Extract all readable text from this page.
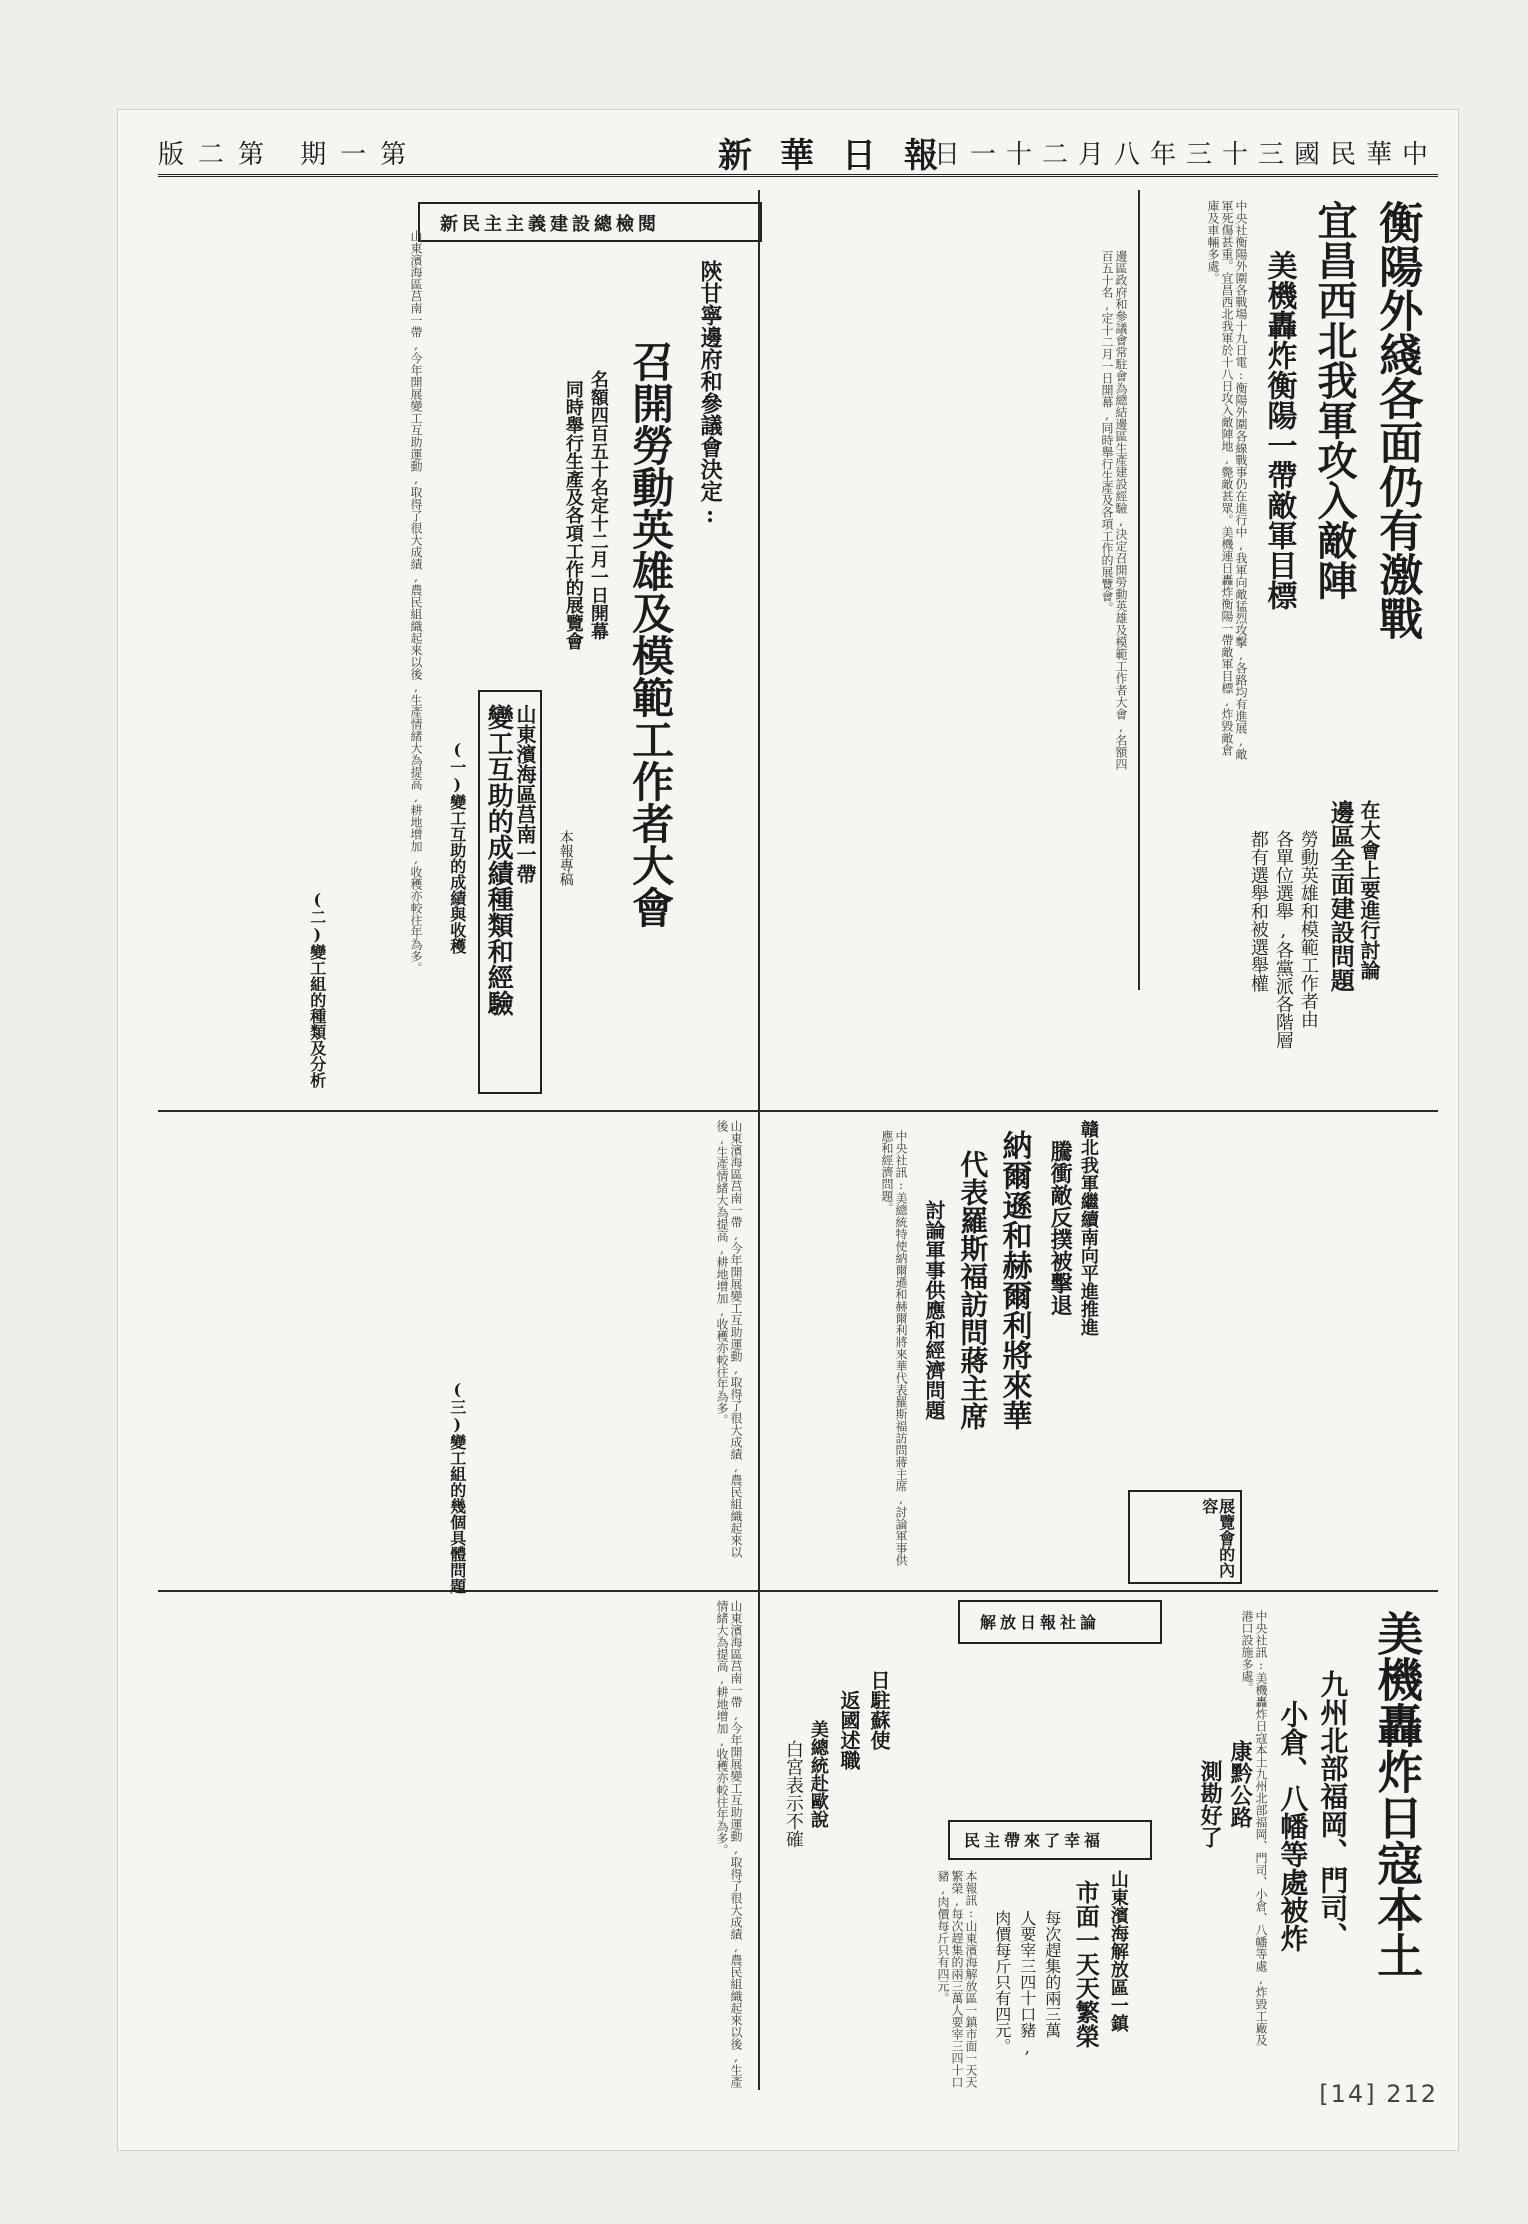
版二第 期一第	新華日報
日一十二月八年三十三國民華中
衡陽外綫各面仍有激戰
宜昌西北我軍攻入敵陣
美機轟炸衡陽一帶敵軍目標
中央社衡陽外圍各戰場十九日電:衡陽外圍各線戰事仍在進行中,我軍向敵猛烈攻擊,各路均有進展,敵軍死傷甚重。宜昌西北我軍於十八日攻入敵陣地,斃敵甚眾。美機連日轟炸衡陽一帶敵軍目標,炸毀敵倉庫及車輛多處。
在大會上要進行討論
邊區全面建設問題
勞動英雄和模範工作者由
各單位選舉,各黨派各階層
都有選舉和被選舉權
新民主主義建設總檢閱
陝甘寧邊府和參議會決定:
召開勞動英雄及模範工作者大會
名額四百五十名定十二月一日開幕
同時舉行生產及各項工作的展覽會	邊區政府和參議會常駐會為總結邊區生產建設經驗,決定召開勞動英雄及模範工作者大會,名額四百五十名,定十二月一日開幕,同時舉行生產及各項工作的展覽會。
山東濱海區莒南一帶
變工互助的成績種類和經驗	本報專稿
(一)變工互助的成績與收穫
(二)變工組的種類及分析
(三)變工組的幾個具體問題
山東濱海區莒南一帶,今年開展變工互助運動,取得了很大成績,農民組織起來以後,生產情緒大為提高,耕地增加,收穫亦較往年為多。
納爾遜和赫爾利將來華
代表羅斯福訪問蔣主席
討論軍事供應和經濟問題
中央社訊:美總統特使納爾遜和赫爾利將來華代表羅斯福訪問蔣主席,討論軍事供應和經濟問題。	贛北我軍繼續南向平進推進
騰衝敵反撲被擊退
展覽會的內容
美機轟炸日寇本土
九州北部福岡、門司、
小倉、八幡等處被炸
中央社訊:美機轟炸日寇本土九州北部福岡、門司、小倉、八幡等處,炸毀工廠及港口設施多處。
解放日報社論
返國述職 日駐蘇使
美總統赴歐說
白宮表示不確	民主帶來了幸福
山東濱海解放區一鎮
市面一天天繁榮
每次趕集的兩三萬
人要宰三四十口豬,
肉價每斤只有四元。
本報訊:山東濱海解放區一鎮市面一天天繁榮,每次趕集的兩三萬人要宰三四十口豬,肉價每斤只有四元。
康黔公路
測勘好了
山東濱海區莒南一帶,今年開展變工互助運動,取得了很大成績,農民組織起來以後,生產情緒大為提高,耕地增加,收穫亦較往年為多。
山東濱海區莒南一帶,今年開展變工互助運動,取得了很大成績,農民組織起來以後,生產情緒大為提高,耕地增加,收穫亦較往年為多。
[14] 212
